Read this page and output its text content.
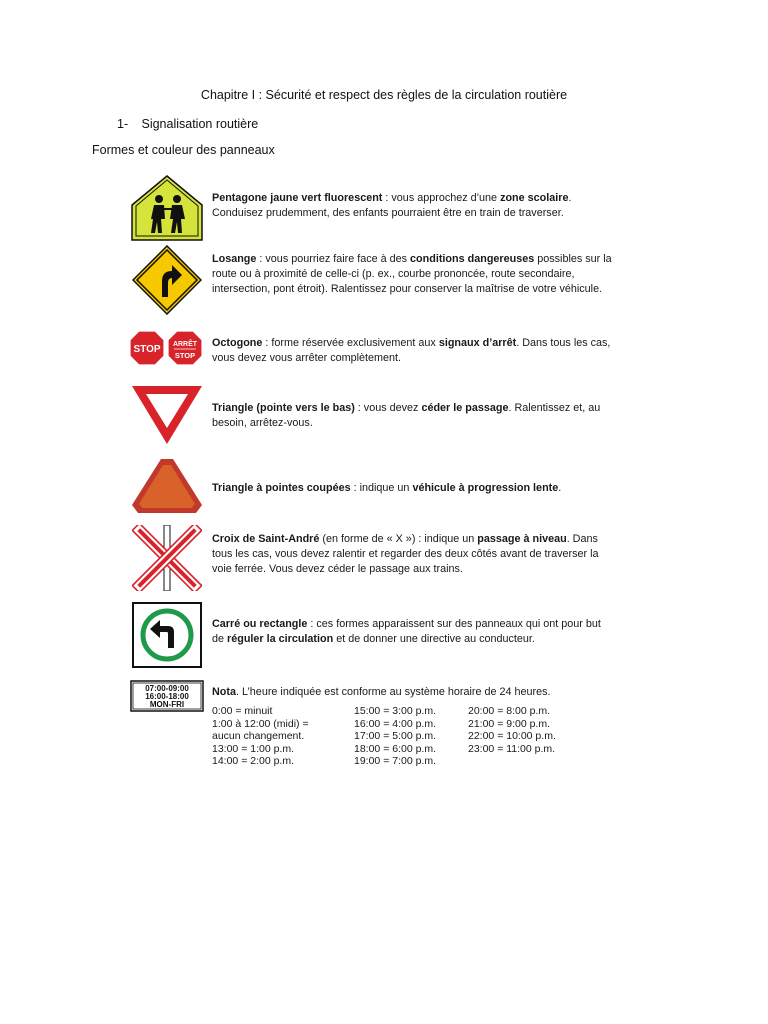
Chapitre I : Sécurité et respect des règles de la circulation routière
1- Signalisation routière
Formes et couleur des panneaux
Pentagone jaune vert fluorescent : vous approchez d’une zone scolaire. Conduisez prudemment, des enfants pourraient être en train de traverser.
Losange : vous pourriez faire face à des conditions dangereuses possibles sur la route ou à proximité de celle-ci (p. ex., courbe prononcée, route secondaire, intersection, pont étroit). Ralentissez pour conserver la maîtrise de votre véhicule.
STOP ARRÊT
STOP
Octogone : forme réservée exclusivement aux signaux d’arrêt. Dans tous les cas, vous devez vous arrêter complètement.
Triangle (pointe vers le bas) : vous devez céder le passage. Ralentissez et, au besoin, arrêtez-vous.
Triangle à pointes coupées : indique un véhicule à progression lente.
Croix de Saint-André (en forme de « X ») : indique un passage à niveau. Dans tous les cas, vous devez ralentir et regarder des deux côtés avant de traverser la voie ferrée. Vous devez céder le passage aux trains.
Carré ou rectangle : ces formes apparaissent sur des panneaux qui ont pour but de réguler la circulation et de donner une directive au conducteur.
07:00-09:00
16:00-18:00
MON-FRI
Nota. L’heure indiquée est conforme au système horaire de 24 heures.
0:00 = minuit
1:00 à 12:00 (midi) =
aucun changement.
13:00 = 1:00 p.m.
14:00 = 2:00 p.m.
15:00 = 3:00 p.m.
16:00 = 4:00 p.m.
17:00 = 5:00 p.m.
18:00 = 6:00 p.m.
19:00 = 7:00 p.m.
20:00 = 8:00 p.m.
21:00 = 9:00 p.m.
22:00 = 10:00 p.m.
23:00 = 11:00 p.m.
